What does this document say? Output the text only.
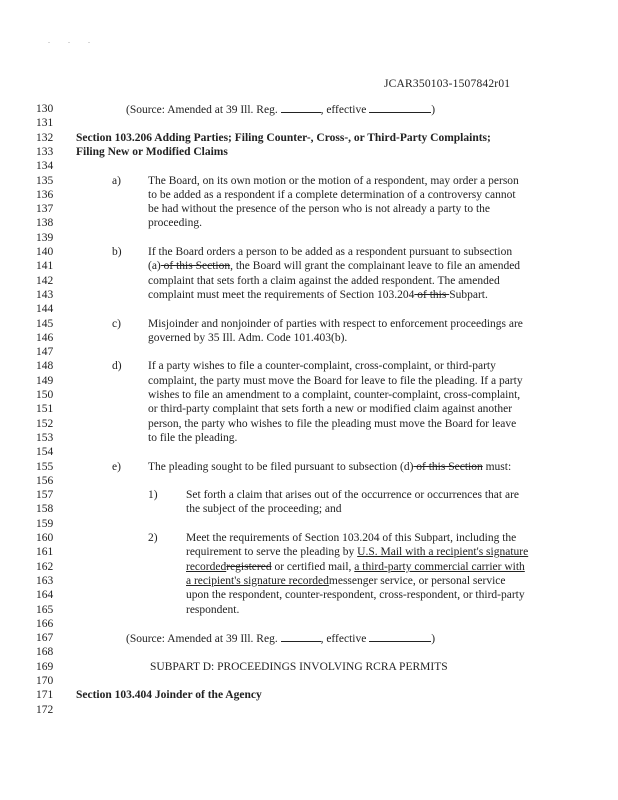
. . .
JCAR350103-1507842r01
130	(Source: Amended at 39 Ill. Reg.	, effective	)
131
132	Section 103.206 Adding Parties; Filing Counter-, Cross-, or Third-Party Complaints;
133	Filing New or Modified Claims
134
135	a) The Board, on its own motion or the motion of a respondent, may order a person
136	to be added as a respondent if a complete determination of a controversy cannot
137	be had without the presence of the person who is not already a party to the
138	proceeding.
139
140	b) If the Board orders a person to be added as a respondent pursuant to subsection
141	(a) of this Section, the Board will grant the complainant leave to file an amended
142	complaint that sets forth a claim against the added respondent. The amended
143	complaint must meet the requirements of Section 103.204 of this Subpart.
144
145	c) Misjoinder and nonjoinder of parties with respect to enforcement proceedings are
146	governed by 35 Ill. Adm. Code 101.403(b).
147
148	d) If a party wishes to file a counter-complaint, cross-complaint, or third-party
149	complaint, the party must move the Board for leave to file the pleading. If a party
150	wishes to file an amendment to a complaint, counter-complaint, cross-complaint,
151	or third-party complaint that sets forth a new or modified claim against another
152	person, the party who wishes to file the pleading must move the Board for leave
153	to file the pleading.
154
155	e) The pleading sought to be filed pursuant to subsection (d) of this Section must:
156
157	1) Set forth a claim that arises out of the occurrence or occurrences that are
158	the subject of the proceeding; and
159
160	2) Meet the requirements of Section 103.204 of this Subpart, including the
161	requirement to serve the pleading by U.S. Mail with a recipient's signature
162	recordedregistered or certified mail, a third-party commercial carrier with
163	a recipient's signature recordedmessenger service, or personal service
164	upon the respondent, counter-respondent, cross-respondent, or third-party
165	respondent.
166
167	(Source: Amended at 39 Ill. Reg.	, effective	)
168
169	SUBPART D: PROCEEDINGS INVOLVING RCRA PERMITS
170
171	Section 103.404 Joinder of the Agency
172
